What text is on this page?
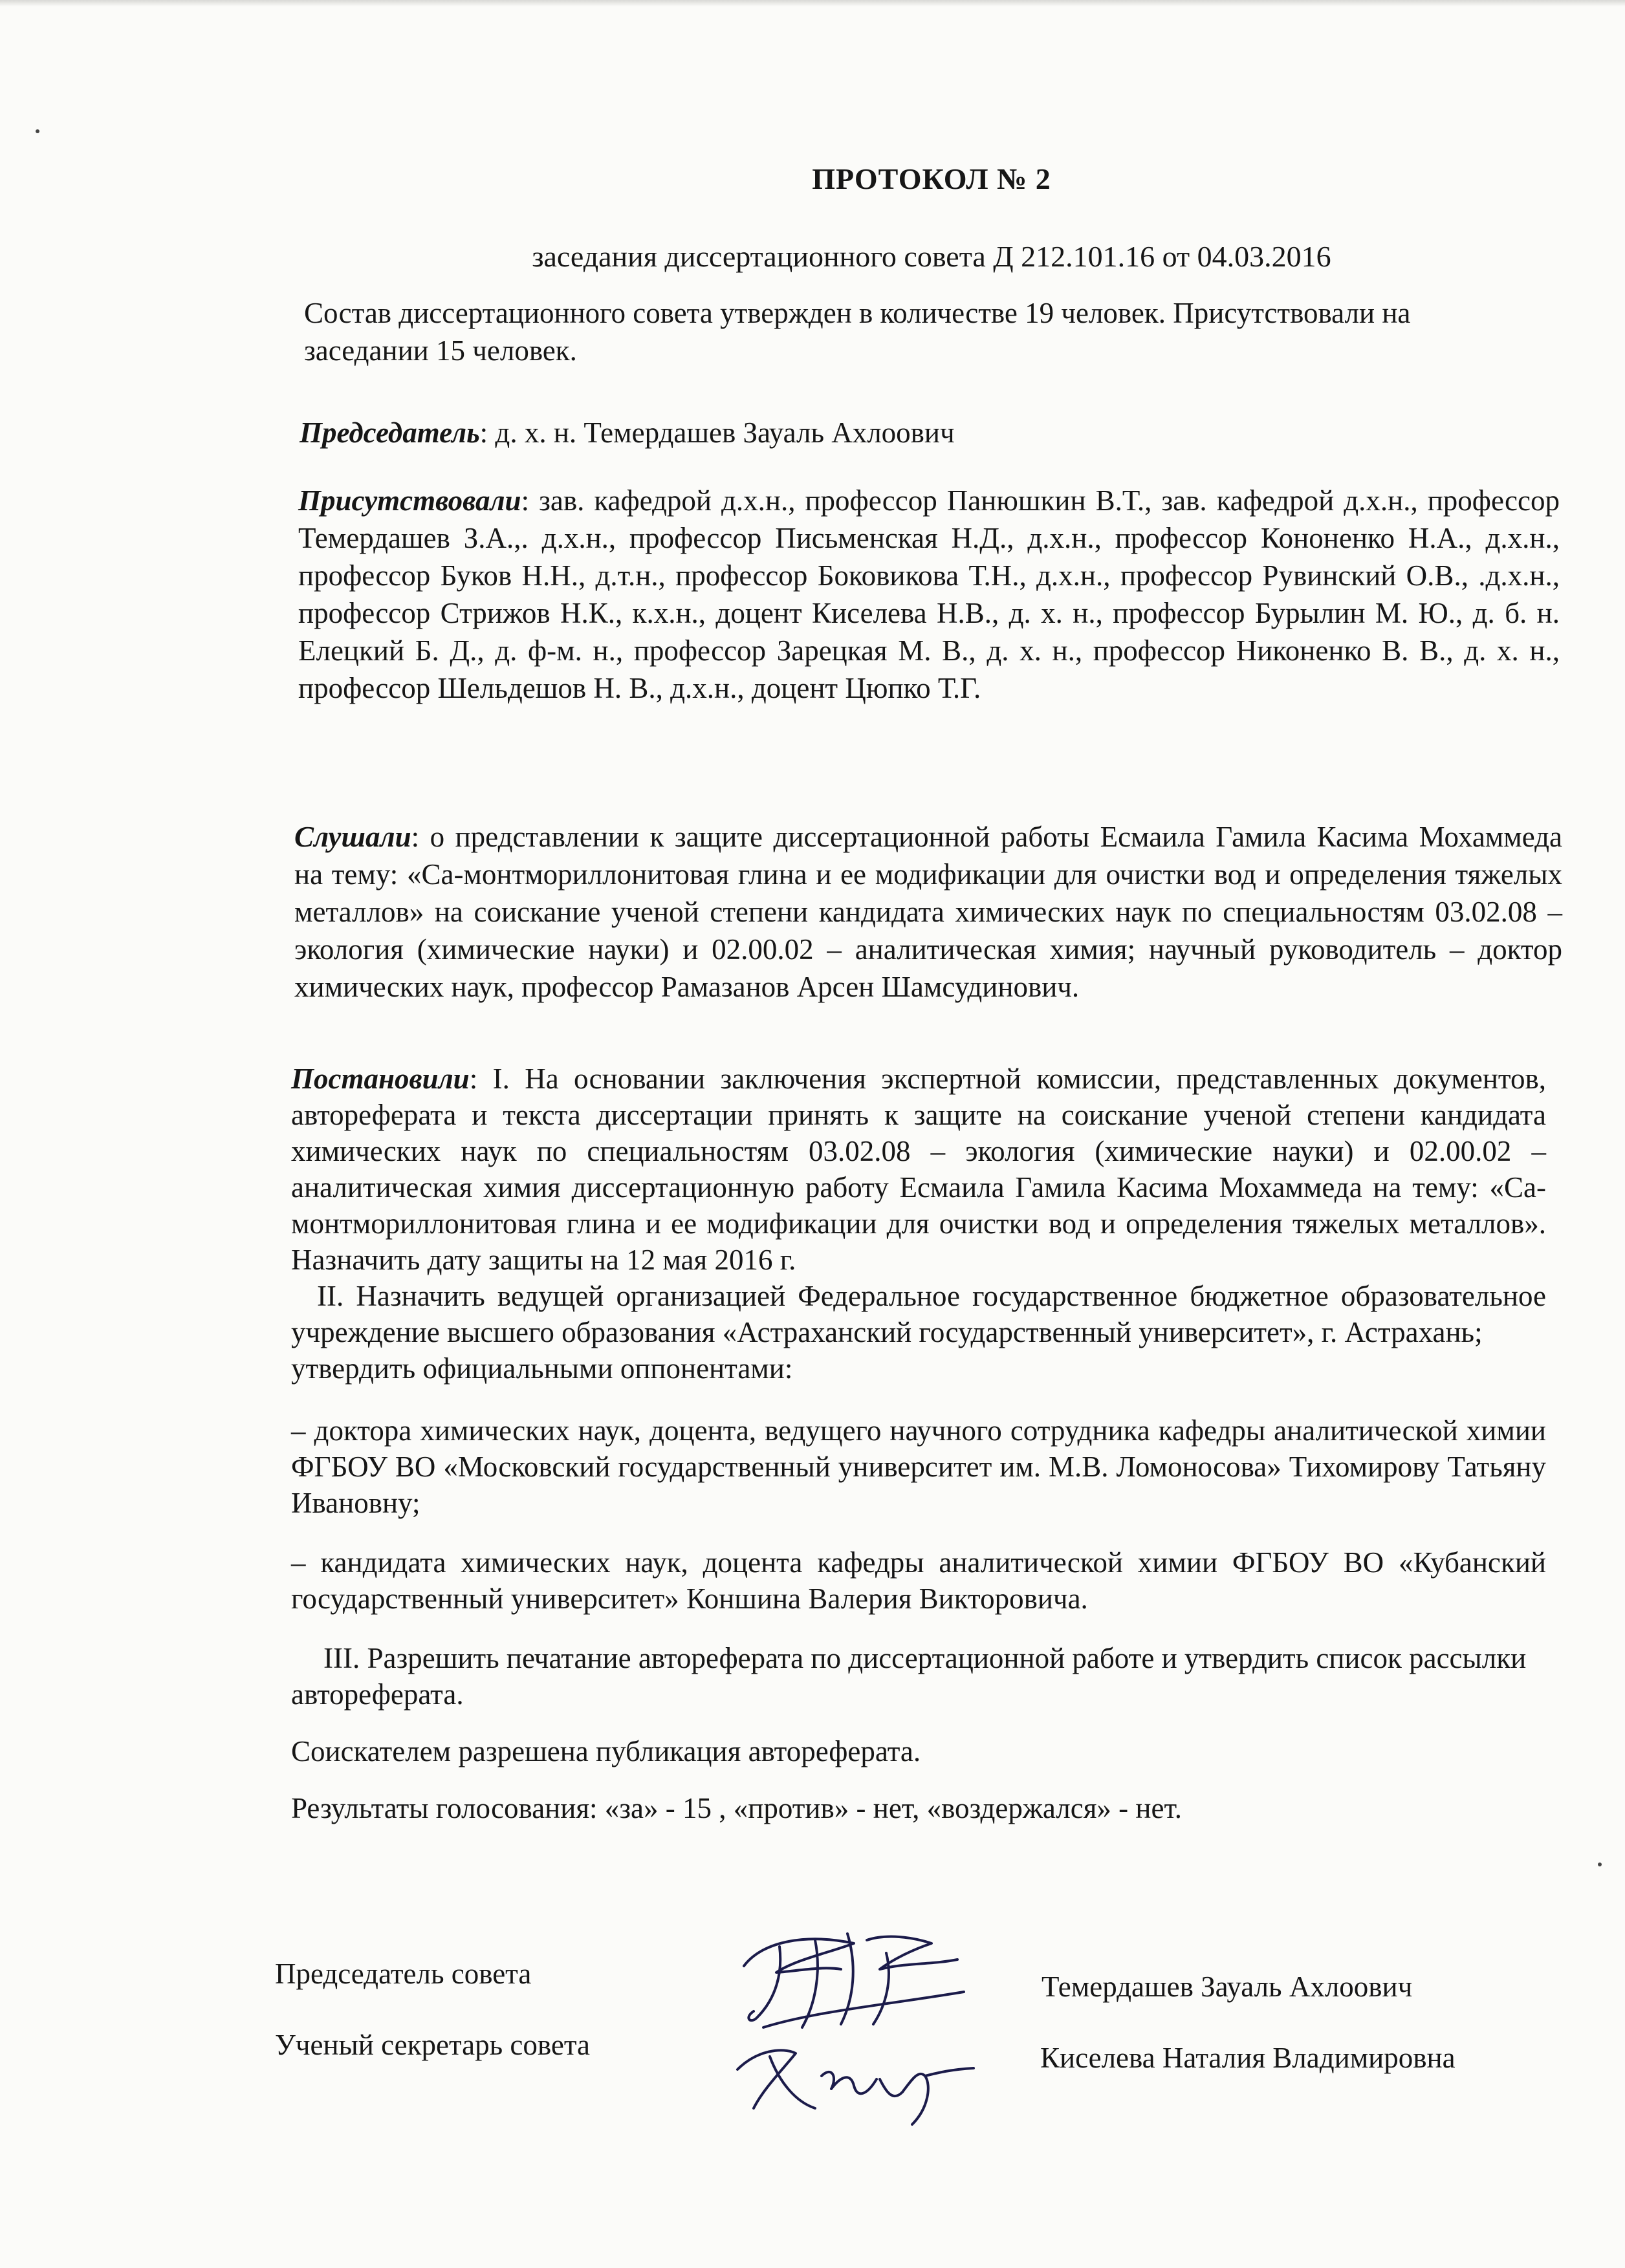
ПРОТОКОЛ № 2
заседания диссертационного совета Д 212.101.16 от 04.03.2016

Состав диссертационного совета утвержден в количестве 19 человек. Присутствовали на заседании 15 человек.

Председатель: д. х. н. Темердашев Зауаль Ахлоович

Присутствовали: зав. кафедрой д.х.н., профессор Панюшкин В.Т., зав. кафедрой д.х.н., профессор Темердашев З.А.,. д.х.н., профессор Письменская Н.Д., д.х.н., профессор Кононенко Н.А., д.х.н., профессор Буков Н.Н., д.т.н., профессор Боковикова Т.Н., д.х.н., профессор Рувинский О.В., .д.х.н., профессор Стрижов Н.К., к.х.н., доцент Киселева Н.В., д. х. н., профессор Бурылин М. Ю., д. б. н. Елецкий Б. Д., д. ф-м. н., профессор Зарецкая М. В., д. х. н., профессор Никоненко В. В., д. х. н., профессор Шельдешов Н. В., д.х.н., доцент Цюпко Т.Г.

Слушали: о представлении к защите диссертационной работы Есмаила Гамила Касима Мохаммеда на тему: «Са-монтмориллонитовая глина и ее модификации для очистки вод и определения тяжелых металлов» на соискание ученой степени кандидата химических наук по специальностям 03.02.08 – экология (химические науки) и 02.00.02 – аналитическая химия; научный руководитель – доктор химических наук, профессор Рамазанов Арсен Шамсудинович.

Постановили: I. На основании заключения экспертной комиссии, представленных документов, автореферата и текста диссертации принять к защите на соискание ученой степени кандидата химических наук по специальностям 03.02.08 – экология (химические науки) и 02.00.02 – аналитическая химия диссертационную работу Есмаила Гамила Касима Мохаммеда на тему: «Са-монтмориллонитовая глина и ее модификации для очистки вод и определения тяжелых металлов». Назначить дату защиты на 12 мая 2016 г.

II. Назначить ведущей организацией Федеральное государственное бюджетное образовательное учреждение высшего образования «Астраханский государственный университет», г. Астрахань;

утвердить официальными оппонентами:

– доктора химических наук, доцента, ведущего научного сотрудника кафедры аналитической химии ФГБОУ ВО «Московский государственный университет им. М.В. Ломоносова» Тихомирову Татьяну Ивановну;

– кандидата химических наук, доцента кафедры аналитической химии ФГБОУ ВО «Кубанский государственный университет» Коншина Валерия Викторовича.

III. Разрешить печатание автореферата по диссертационной работе и утвердить список рассылки автореферата.

Соискателем разрешена публикация автореферата.

Результаты голосования: «за» - 15 , «против» - нет, «воздержался» - нет.

Председатель совета
Ученый секретарь совета
Темердашев Зауаль Ахлоович
Киселева Наталия Владимировна
